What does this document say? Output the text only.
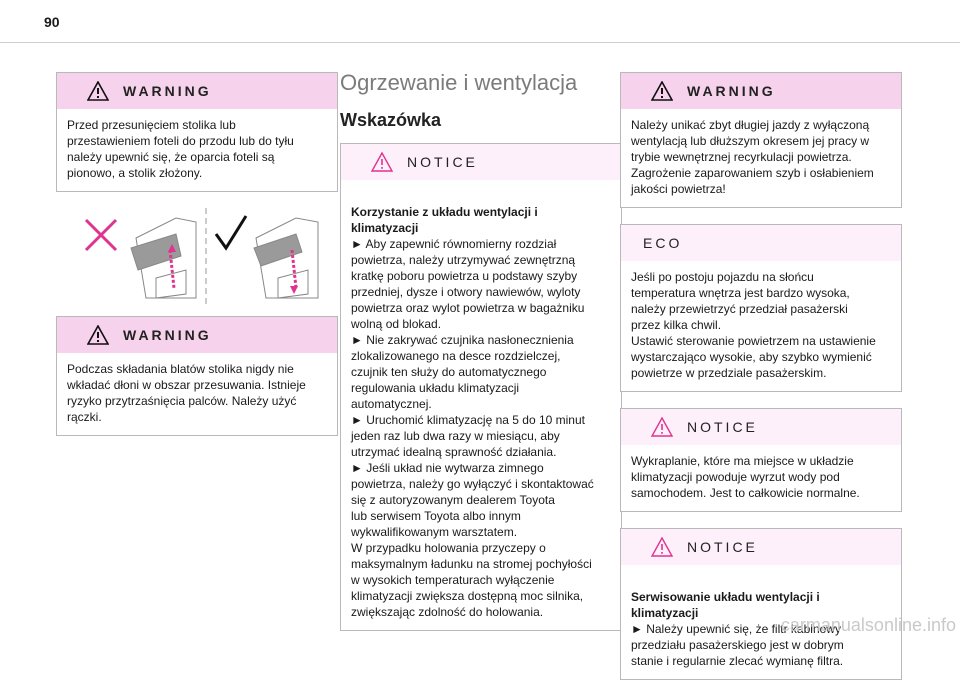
90
WARNING
Przed przesunięciem stolika lub
przestawieniem foteli do przodu lub do tyłu
należy upewnić się, że oparcia foteli są
pionowo, a stolik złożony.
WARNING
Podczas składania blatów stolika nigdy nie
wkładać dłoni w obszar przesuwania. Istnieje
ryzyko przytrzaśnięcia palców. Należy użyć
rączki.
Ogrzewanie i wentylacja
Wskazówka
NOTICE

Korzystanie z układu wentylacji i
klimatyzacji
► Aby zapewnić równomierny rozdział
powietrza, należy utrzymywać zewnętrzną
kratkę poboru powietrza u podstawy szyby
przedniej, dysze i otwory nawiewów, wyloty
powietrza oraz wylot powietrza w bagażniku
wolną od blokad.
► Nie zakrywać czujnika nasłonecznienia
zlokalizowanego na desce rozdzielczej,
czujnik ten służy do automatycznego
regulowania układu klimatyzacji
automatycznej.
► Uruchomić klimatyzację na 5 do 10 minut
jeden raz lub dwa razy w miesiącu, aby
utrzymać idealną sprawność działania.
► Jeśli układ nie wytwarza zimnego
powietrza, należy go wyłączyć i skontaktować
się z autoryzowanym dealerem Toyota
lub serwisem Toyota albo innym
wykwalifikowanym warsztatem.
W przypadku holowania przyczepy o
maksymalnym ładunku na stromej pochyłości
w wysokich temperaturach wyłączenie
klimatyzacji zwiększa dostępną moc silnika,
zwiększając zdolność do holowania.

WARNING
Należy unikać zbyt długiej jazdy z wyłączoną
wentylacją lub dłuższym okresem jej pracy w
trybie wewnętrznej recyrkulacji powietrza.
Zagrożenie zaparowaniem szyb i osłabieniem
jakości powietrza!
ECO
Jeśli po postoju pojazdu na słońcu
temperatura wnętrza jest bardzo wysoka,
należy przewietrzyć przedział pasażerski
przez kilka chwil.
Ustawić sterowanie powietrzem na ustawienie
wystarczająco wysokie, aby szybko wymienić
powietrze w przedziale pasażerskim.
NOTICE
Wykraplanie, które ma miejsce w układzie
klimatyzacji powoduje wyrzut wody pod
samochodem. Jest to całkowicie normalne.
NOTICE

Serwisowanie układu wentylacji i
klimatyzacji
► Należy upewnić się, że filtr kabinowy
przedziału pasażerskiego jest w dobrym
stanie i regularnie zlecać wymianę filtra.

carmanualsonline.info
